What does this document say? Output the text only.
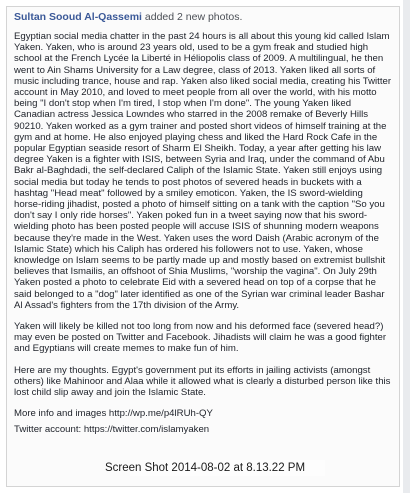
Sultan Sooud Al-Qassemi added 2 new photos.

Egyptian social media chatter in the past 24 hours is all about this young kid called Islam Yaken. Yaken, who is around 23 years old, used to be a gym freak and studied high school at the French Lycée la Liberté in Héliopolis class of 2009. A multilingual, he then went to Ain Shams University for a Law degree, class of 2013. Yaken liked all sorts of music including trance, house and rap. Yaken also liked social media, creating his Twitter account in May 2010, and loved to meet people from all over the world, with his motto being "I don't stop when I'm tired, I stop when I'm done". The young Yaken liked Canadian actress Jessica Lowndes who starred in the 2008 remake of Beverly Hills 90210. Yaken worked as a gym trainer and posted short videos of himself training at the gym and at home. He also enjoyed playing chess and liked the Hard Rock Cafe in the popular Egyptian seaside resort of Sharm El Sheikh. Today, a year after getting his law degree Yaken is a fighter with ISIS, between Syria and Iraq, under the command of Abu Bakr al-Baghdadi, the self-declared Caliph of the Islamic State. Yaken still enjoys using social media but today he tends to post photos of severed heads in buckets with a hashtag "Head meat" followed by a smiley emoticon. Yaken, the IS sword-wielding horse-riding jihadist, posted a photo of himself sitting on a tank with the caption "So you don't say I only ride horses". Yaken poked fun in a tweet saying now that his sword-wielding photo has been posted people will accuse ISIS of shunning modern weapons because they're made in the West. Yaken uses the word Daish (Arabic acronym of the Islamic State) which his Caliph has ordered his followers not to use. Yaken, whose knowledge on Islam seems to be partly made up and mostly based on extremist bullshit believes that Ismailis, an offshoot of Shia Muslims, "worship the vagina". On July 29th Yaken posted a photo to celebrate Eid with a severed head on top of a corpse that he said belonged to a "dog" later identified as one of the Syrian war criminal leader Bashar Al Assad's fighters from the 17th division of the Army.

Yaken will likely be killed not too long from now and his deformed face (severed head?) may even be posted on Twitter and Facebook. Jihadists will claim he was a good fighter and Egyptians will create memes to make fun of him.

Here are my thoughts. Egypt's government put its efforts in jailing activists (amongst others) like Mahinoor and Alaa while it allowed what is clearly a disturbed person like this lost child slip away and join the Islamic State.

More info and images http://wp.me/p4lRUh-QY

Twitter account: https://twitter.com/islamyaken

Screen Shot 2014-08-02 at 8.13.22 PM
